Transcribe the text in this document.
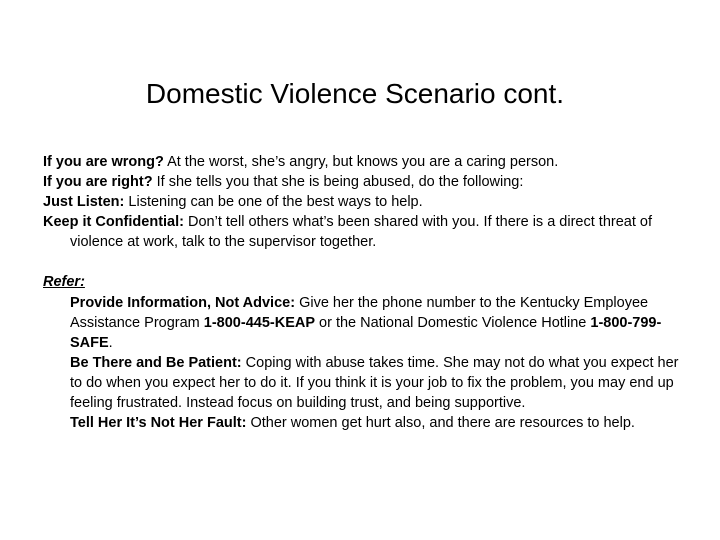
Domestic Violence Scenario cont.

If you are wrong? At the worst, she’s angry, but knows you are a caring person.

If you are right? If she tells you that she is being abused, do the following:

Just Listen: Listening can be one of the best ways to help.

Keep it Confidential: Don’t tell others what’s been shared with you. If there is a direct threat of violence at work, talk to the supervisor together.

Refer:

Provide Information, Not Advice: Give her the phone number to the Kentucky Employee Assistance Program 1-800-445-KEAP or the National Domestic Violence Hotline 1-800-799-SAFE.

Be There and Be Patient: Coping with abuse takes time. She may not do what you expect her to do when you expect her to do it. If you think it is your job to fix the problem, you may end up feeling frustrated. Instead focus on building trust, and being supportive.

Tell Her It’s Not Her Fault: Other women get hurt also, and there are resources to help.
